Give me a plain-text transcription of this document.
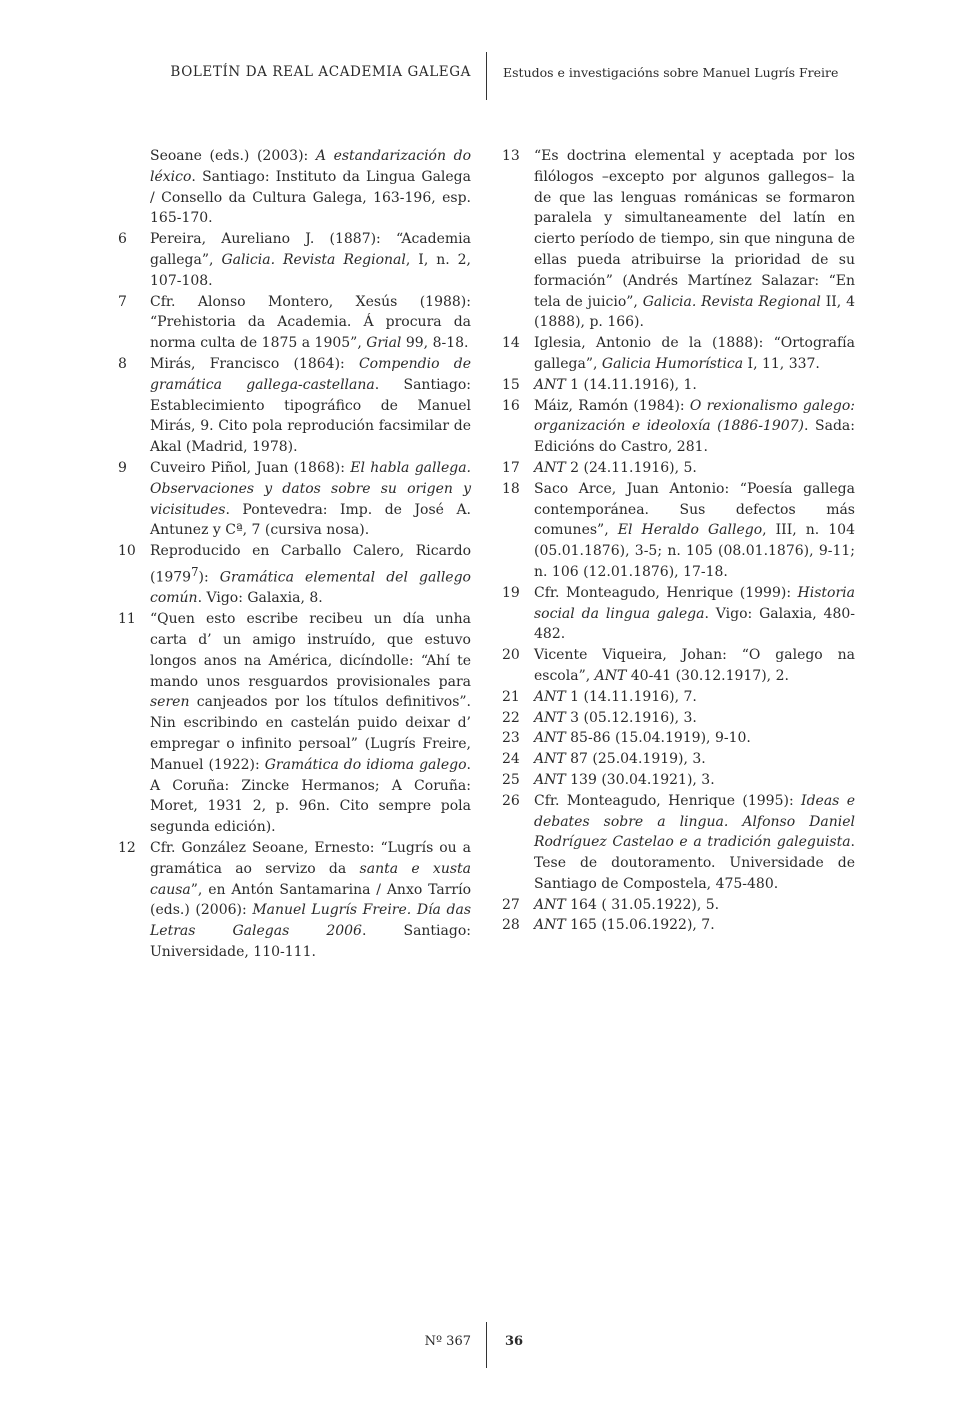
BOLETÍN DA REAL ACADEMIA GALEGA	Estudos e investigacións sobre Manuel Lugrís Freire

Seoane (eds.) (2003): A estandarización do léxico. Santiago: Instituto da Lingua Galega / Consello da Cultura Galega, 163-196, esp. 165-170.

6 Pereira, Aureliano J. (1887): “Academia gallega”, Galicia. Revista Regional, I, n. 2, 107-108.

7 Cfr. Alonso Montero, Xesús (1988): “Prehistoria da Academia. Á procura da norma culta de 1875 a 1905”, Grial 99, 8-18.

8 Mirás, Francisco (1864): Compendio de gramática gallega-castellana. Santiago: Establecimiento tipográfico de Manuel Mirás, 9. Cito pola reprodución facsimilar de Akal (Madrid, 1978).

9 Cuveiro Piñol, Juan (1868): El habla gallega. Observaciones y datos sobre su origen y vicisitudes. Pontevedra: Imp. de José A. Antunez y Cª, 7 (cursiva nosa).

10 Reproducido en Carballo Calero, Ricardo (1979$^7$): Gramática elemental del gallego común. Vigo: Galaxia, 8.

11 “Quen esto escribe recibeu un día unha carta d’ un amigo instruído, que estuvo longos anos na América, dicíndolle: “Ahí te mando unos resguardos provisionales para seren canjeados por los títulos definitivos”. Nin escribindo en castelán puido deixar d’ empregar o infinito persoal” (Lugrís Freire, Manuel (1922): Gramática do idioma galego. A Coruña: Zincke Hermanos; A Coruña: Moret, 1931 2, p. 96n. Cito sempre pola segunda edición).

12 Cfr. González Seoane, Ernesto: “Lugrís ou a gramática ao servizo da santa e xusta causa”, en Antón Santamarina / Anxo Tarrío (eds.) (2006): Manuel Lugrís Freire. Día das Letras Galegas 2006. Santiago: Universidade, 110-111.

13 “Es doctrina elemental y aceptada por los filólogos –excepto por algunos gallegos– la de que las lenguas románicas se formaron paralela y simultaneamente del latín en cierto período de tiempo, sin que ninguna de ellas pueda atribuirse la prioridad de su formación” (Andrés Martínez Salazar: “En tela de juicio”, Galicia. Revista Regional II, 4 (1888), p. 166).

14 Iglesia, Antonio de la (1888): “Ortografía gallega”, Galicia Humorística I, 11, 337.

15 ANT 1 (14.11.1916), 1.

16 Máiz, Ramón (1984): O rexionalismo galego: organización e ideoloxía (1886-1907). Sada: Edicións do Castro, 281.

17 ANT 2 (24.11.1916), 5.

18 Saco Arce, Juan Antonio: “Poesía gallega contemporánea. Sus defectos más comunes”, El Heraldo Gallego, III, n. 104 (05.01.1876), 3-5; n. 105 (08.01.1876), 9-11; n. 106 (12.01.1876), 17-18.

19 Cfr. Monteagudo, Henrique (1999): Historia social da lingua galega. Vigo: Galaxia, 480-482.

20 Vicente Viqueira, Johan: “O galego na escola”, ANT 40-41 (30.12.1917), 2.

21 ANT 1 (14.11.1916), 7.

22 ANT 3 (05.12.1916), 3.

23 ANT 85-86 (15.04.1919), 9-10.

24 ANT 87 (25.04.1919), 3.

25 ANT 139 (30.04.1921), 3.

26 Cfr. Monteagudo, Henrique (1995): Ideas e debates sobre a lingua. Alfonso Daniel Rodríguez Castelao e a tradición galeguista. Tese de doutoramento. Universidade de Santiago de Compostela, 475-480.

27 ANT 164 ( 31.05.1922), 5.

28 ANT 165 (15.06.1922), 7.

Nº 367	36
